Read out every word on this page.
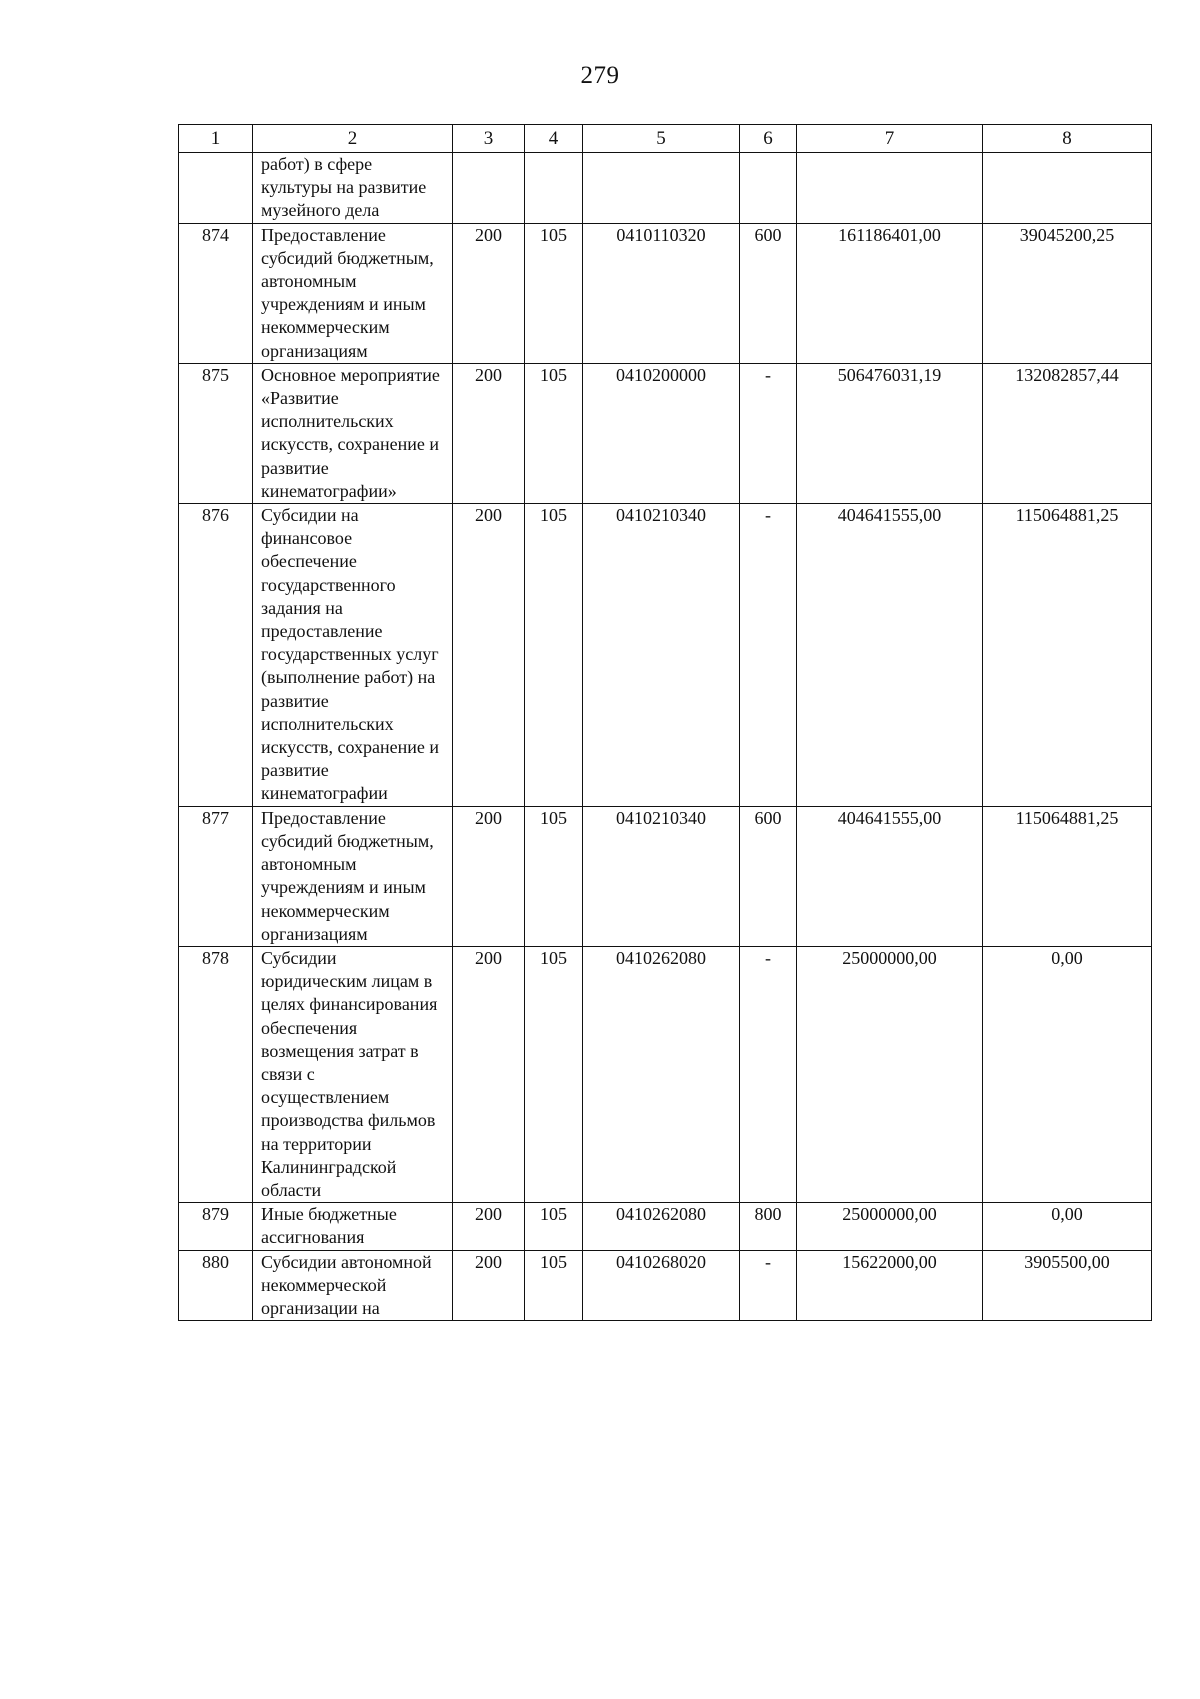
279
1	2	3	4	5	6	7	8
	работ) в сфере культуры на развитие музейного дела						
874	Предоставление субсидий бюджетным, автономным учреждениям и иным некоммерческим организациям	200	105	0410110320	600	161186401,00	39045200,25
875	Основное мероприятие «Развитие исполнительских искусств, сохранение и развитие кинематографии»	200	105	0410200000	-	506476031,19	132082857,44
876	Субсидии на финансовое обеспечение государственного задания на предоставление государственных услуг (выполнение работ) на развитие исполнительских искусств, сохранение и развитие кинематографии	200	105	0410210340	-	404641555,00	115064881,25
877	Предоставление субсидий бюджетным, автономным учреждениям и иным некоммерческим организациям	200	105	0410210340	600	404641555,00	115064881,25
878	Субсидии юридическим лицам в целях финансирования обеспечения возмещения затрат в связи с осуществлением производства фильмов на территории Калининградской области	200	105	0410262080	-	25000000,00	0,00
879	Иные бюджетные ассигнования	200	105	0410262080	800	25000000,00	0,00
880	Субсидии автономной некоммерческой организации на	200	105	0410268020	-	15622000,00	3905500,00
